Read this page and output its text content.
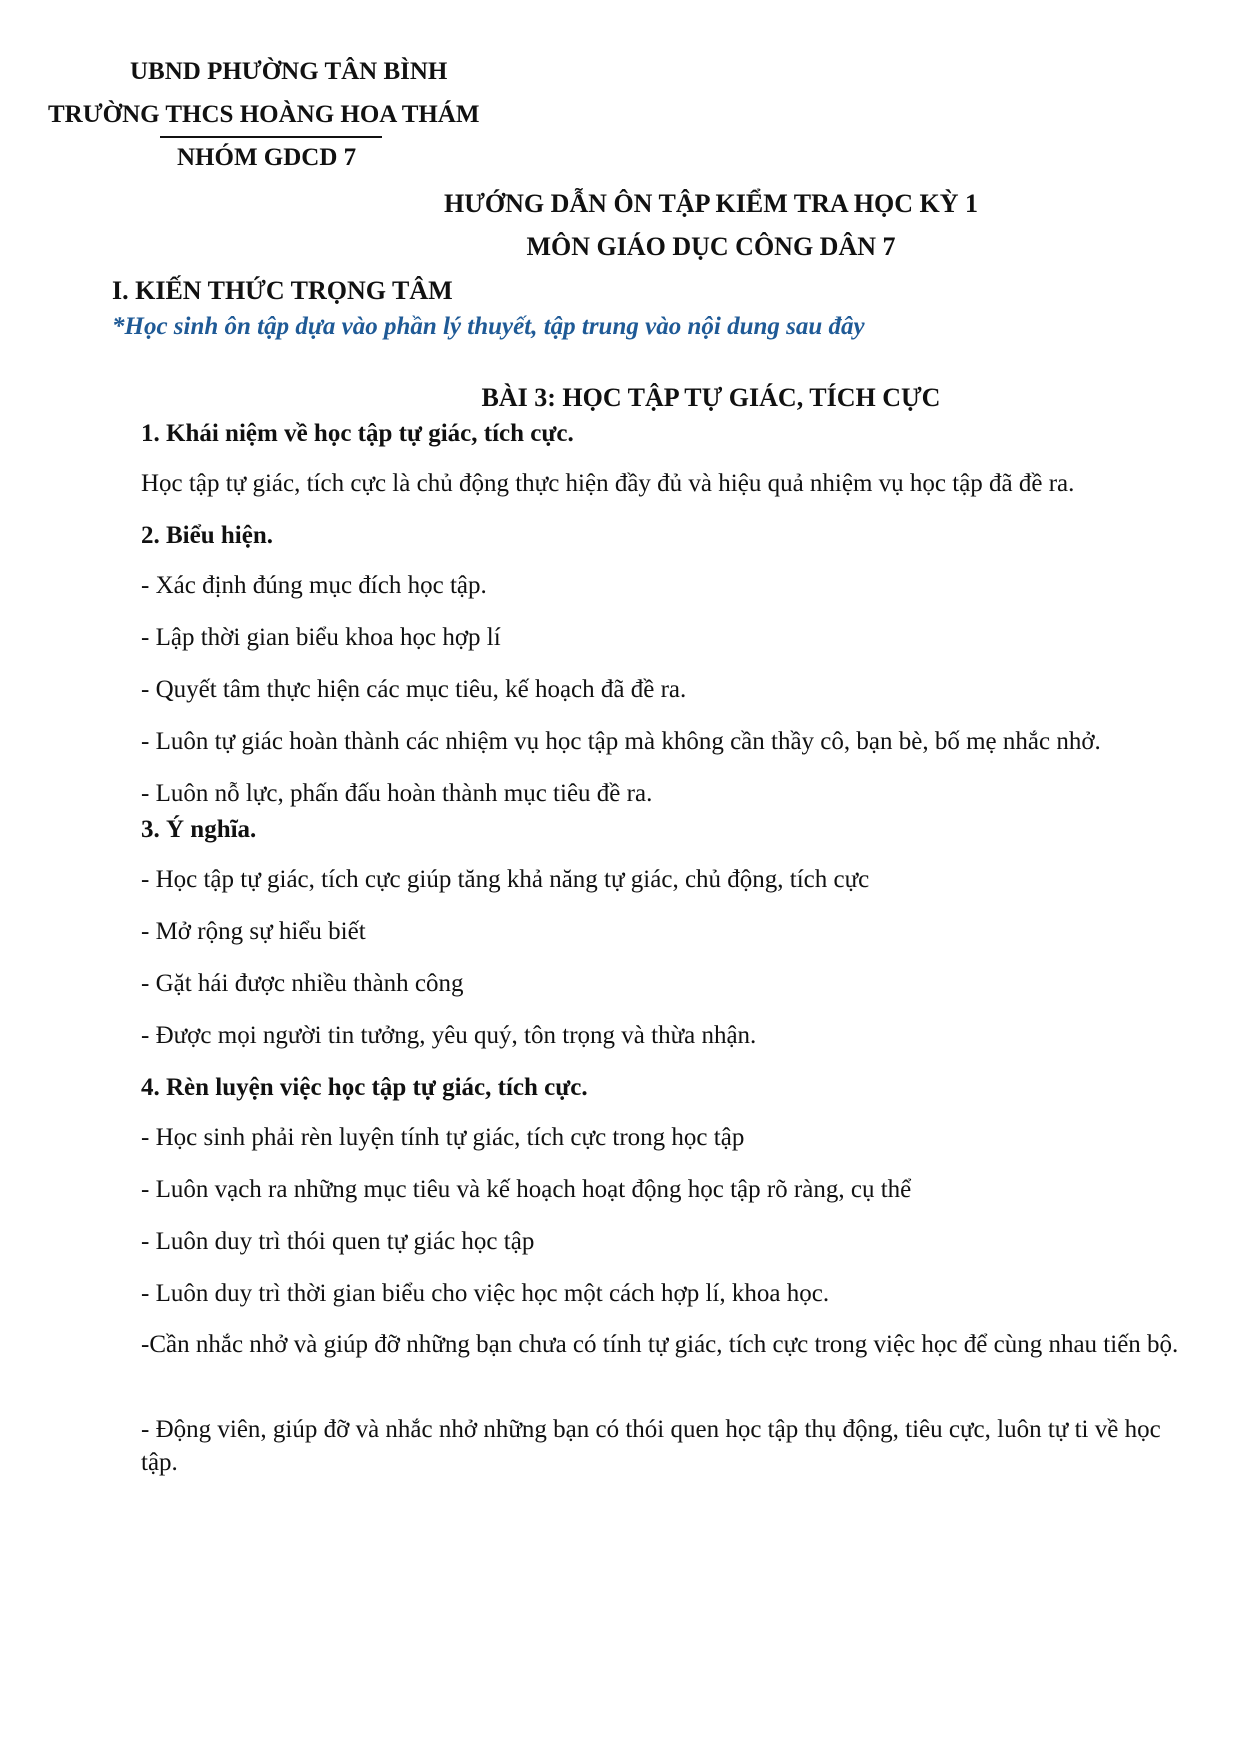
UBND PHƯỜNG TÂN BÌNH

TRƯỜNG THCS HOÀNG HOA THÁM

NHÓM GDCD 7

HƯỚNG DẪN ÔN TẬP KIỂM TRA HỌC KỲ 1

MÔN GIÁO DỤC CÔNG DÂN 7

I. KIẾN THỨC TRỌNG TÂM

*Học sinh ôn tập dựa vào phần lý thuyết, tập trung vào nội dung sau đây

BÀI 3: HỌC TẬP TỰ GIÁC, TÍCH CỰC

1. Khái niệm về học tập tự giác, tích cực.

Học tập tự giác, tích cực là chủ động thực hiện đầy đủ và hiệu quả nhiệm vụ học tập đã đề ra.

2. Biểu hiện.

- Xác định đúng mục đích học tập.

- Lập thời gian biểu khoa học hợp lí

- Quyết tâm thực hiện các mục tiêu, kế hoạch đã đề ra.

- Luôn tự giác hoàn thành các nhiệm vụ học tập mà không cần thầy cô, bạn bè, bố mẹ nhắc nhở.

- Luôn nỗ lực, phấn đấu hoàn thành mục tiêu đề ra.

3. Ý nghĩa.

- Học tập tự giác, tích cực giúp tăng khả năng tự giác, chủ động, tích cực

- Mở rộng sự hiểu biết

- Gặt hái được nhiều thành công

- Được mọi người tin tưởng, yêu quý, tôn trọng và thừa nhận.

4. Rèn luyện việc học tập tự giác, tích cực.

- Học sinh phải rèn luyện tính tự giác, tích cực trong học tập

- Luôn vạch ra những mục tiêu và kế hoạch hoạt động học tập rõ ràng, cụ thể

- Luôn duy trì thói quen tự giác học tập

- Luôn duy trì thời gian biểu cho việc học một cách hợp lí, khoa học.

-Cần nhắc nhở và giúp đỡ những bạn chưa có tính tự giác, tích cực trong việc học để cùng nhau tiến bộ.

- Động viên, giúp đỡ và nhắc nhở những bạn có thói quen học tập thụ động, tiêu cực, luôn tự ti về học tập.
